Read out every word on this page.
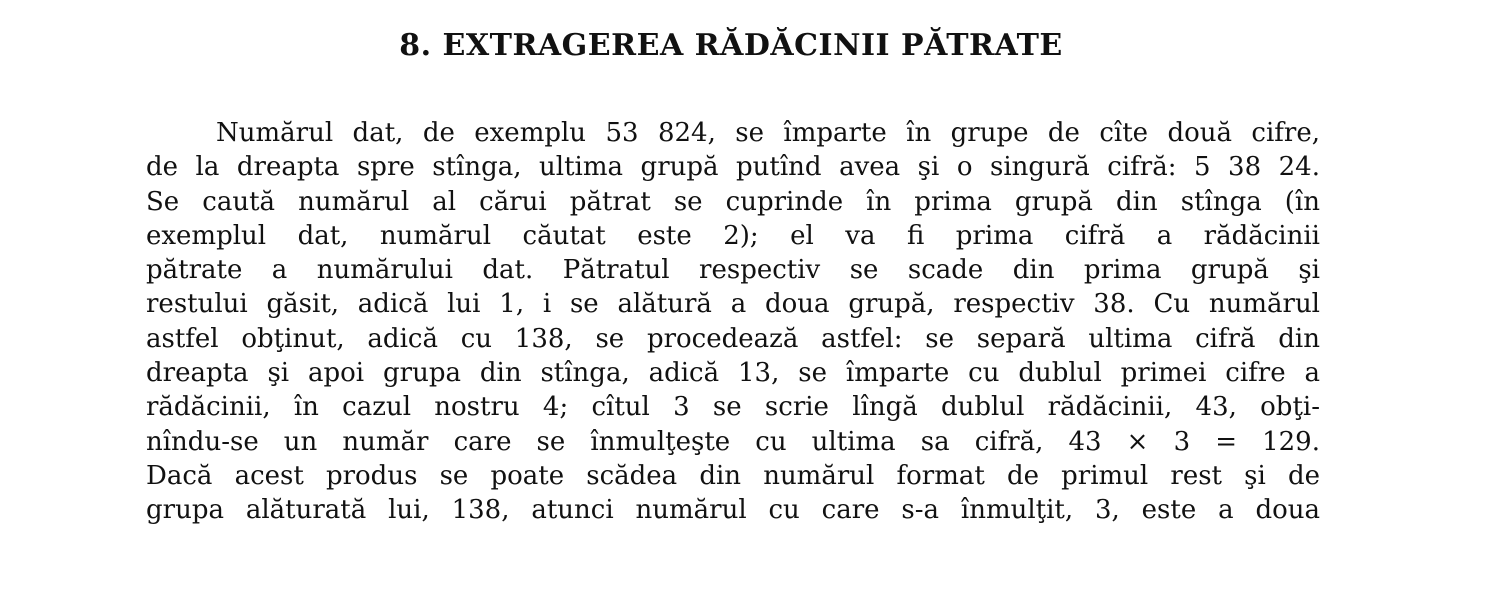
8. EXTRAGEREA RĂDĂCINII PĂTRATE
Numărul dat, de exemplu 53 824, se împarte în grupe de cîte două cifre,
de la dreapta spre stînga, ultima grupă putînd avea şi o singură cifră: 5 38 24.
Se caută numărul al cărui pătrat se cuprinde în prima grupă din stînga (în
exemplul dat, numărul căutat este 2); el va fi prima cifră a rădăcinii
pătrate a numărului dat. Pătratul respectiv se scade din prima grupă şi
restului găsit, adică lui 1, i se alătură a doua grupă, respectiv 38. Cu numărul
astfel obţinut, adică cu 138, se procedează astfel: se separă ultima cifră din
dreapta şi apoi grupa din stînga, adică 13, se împarte cu dublul primei cifre a
rădăcinii, în cazul nostru 4; cîtul 3 se scrie lîngă dublul rădăcinii, 43, obţi-
nîndu-se un număr care se înmulţeşte cu ultima sa cifră, 43 × 3 = 129.
Dacă acest produs se poate scădea din numărul format de primul rest şi de
grupa alăturată lui, 138, atunci numărul cu care s-a înmulţit, 3, este a doua
